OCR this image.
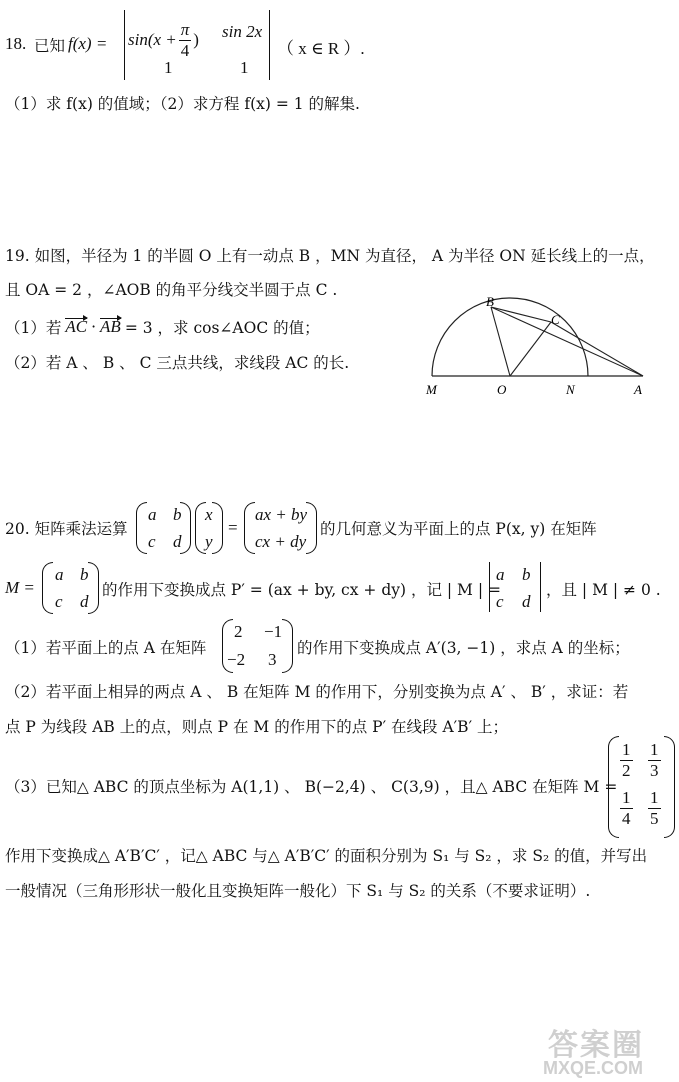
18. 已知 $f(x) = \sin(x + \frac{\pi}{4}$ ) sin 2x
1	1
（ x ∈ R ）.
（1）求 f(x) 的值域；（2）求方程 f(x) = 1 的解集.
19. 如图，半径为 1 的半圆 O 上有一动点 B ，MN 为直径， A 为半径 ON 延长线上的一点，
且 OA = 2 ，∠AOB 的角平分线交半圆于点 C .
（1）若 AC · AB = 3 ，求 cos∠AOC 的值；
（2）若 A 、 B 、 C 三点共线，求线段 AC 的长.
B
C
M	O	N	A
20. 矩阵乘法运算
a b
c d
x
y
=
ax + by
cx + dy
的几何意义为平面上的点 P(x, y) 在矩阵
M =
a b
c d
的作用下变换成点 P′ = (ax + by, cx + dy) ，记 | M | =
a b
c d
，且 | M | ≠ 0 .
（1）若平面上的点 A 在矩阵
2 −1
−2 3
的作用下变换成点 A′(3, −1) ，求点 A 的坐标；
（2）若平面上相异的两点 A 、 B 在矩阵 M 的作用下，分别变换为点 A′ 、 B′ ，求证：若
点 P 为线段 AB 上的点，则点 P 在 M 的作用下的点 P′ 在线段 A′B′ 上；
（3）已知△ ABC 的顶点坐标为 A(1,1) 、 B(−2,4) 、 C(3,9) ，且△ ABC 在矩阵 M =
$\frac{1}{2} \frac{1}{3}$
$\frac{1}{4} \frac{1}{5}$
作用下变换成△ A′B′C′ ，记△ ABC 与△ A′B′C′ 的面积分别为 S₁ 与 S₂ ，求 S₂ 的值，并写出
一般情况（三角形形状一般化且变换矩阵一般化）下 S₁ 与 S₂ 的关系（不要求证明）.
答案圈
MXQE.COM
